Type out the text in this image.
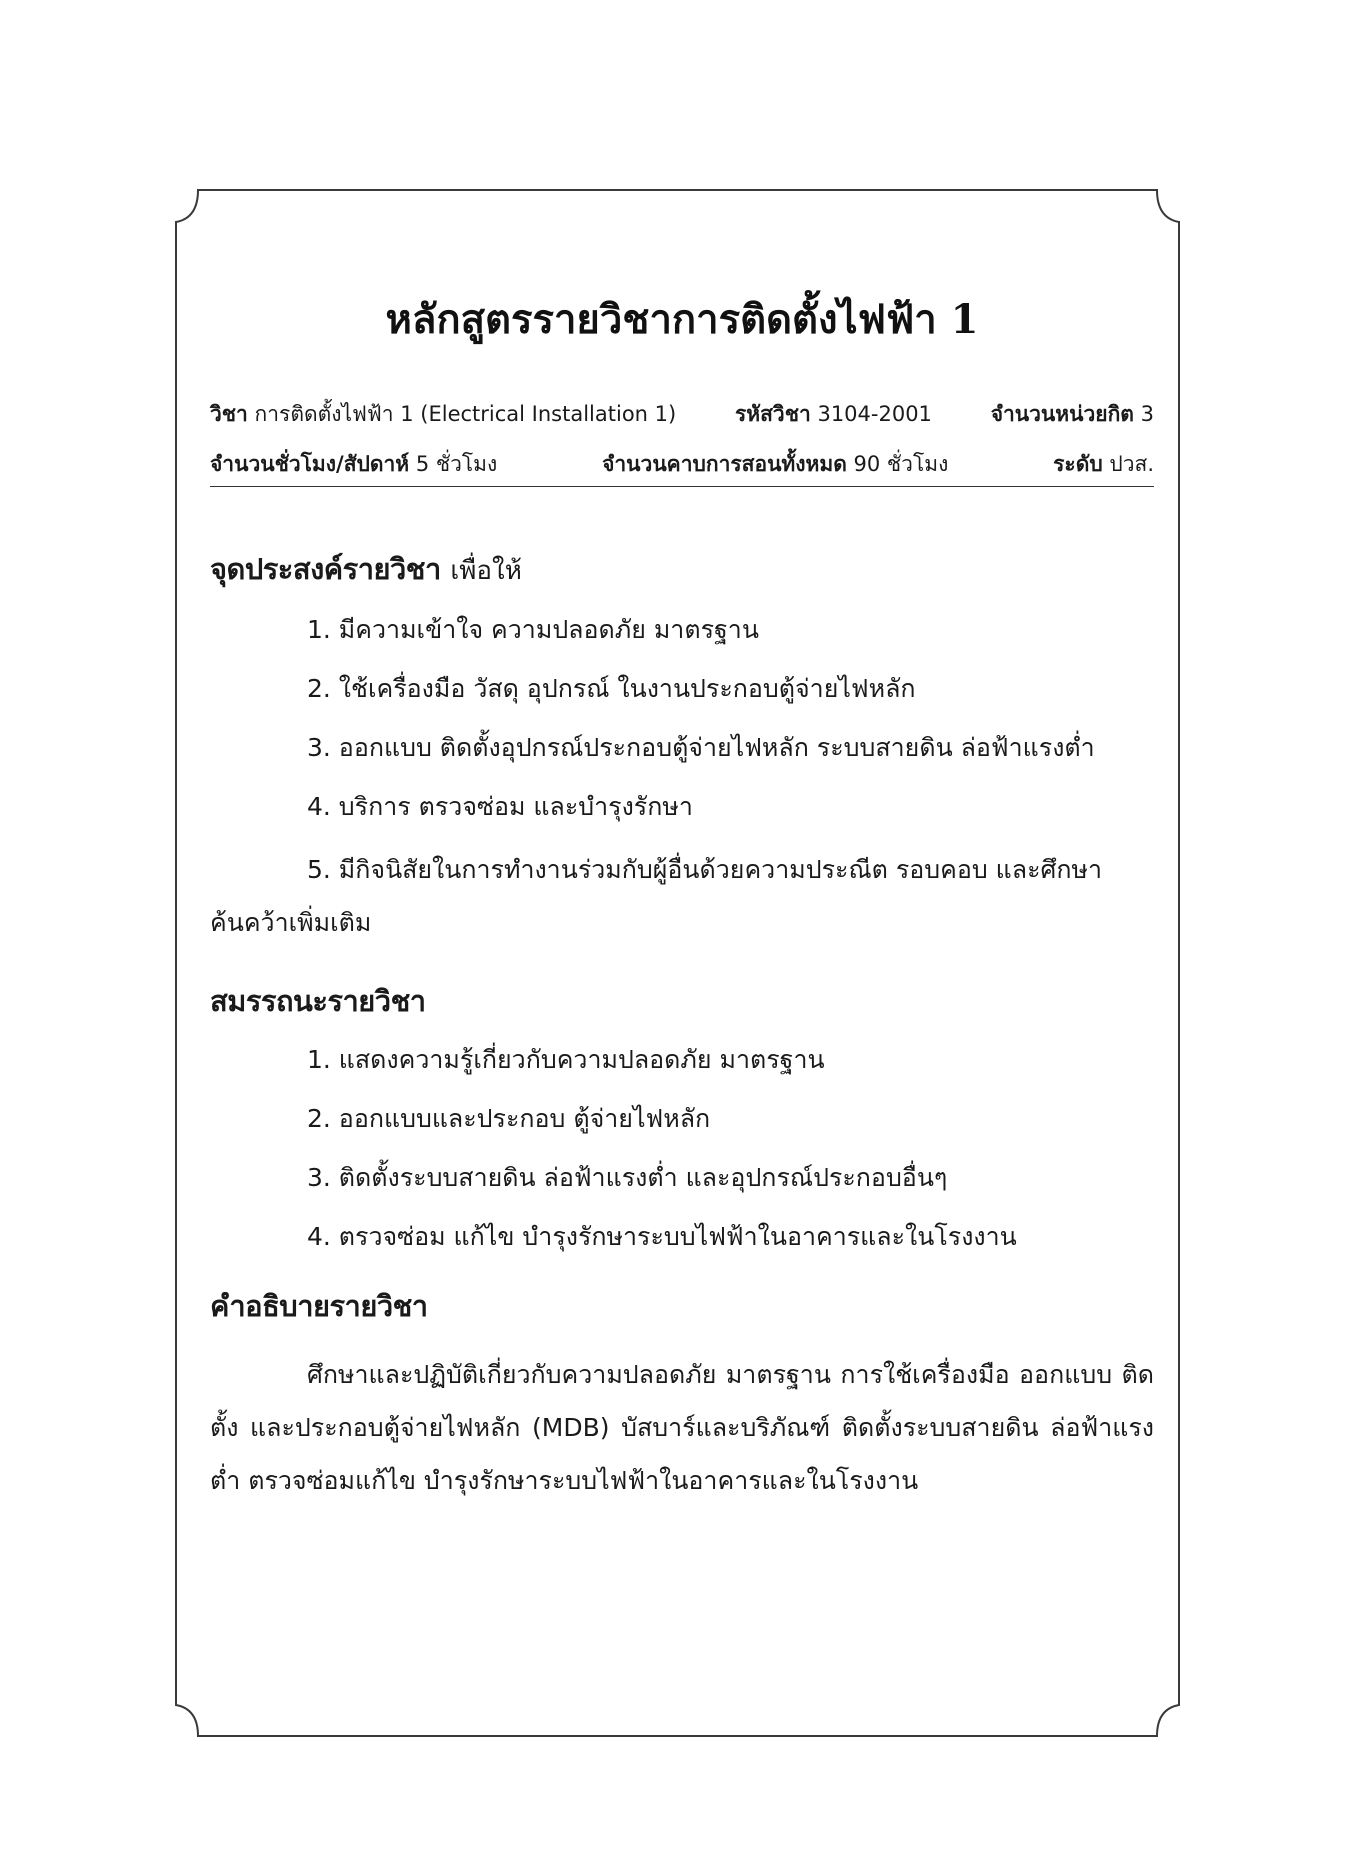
หลักสูตรรายวิชาการติดตั้งไฟฟ้า 1
วิชา การติดตั้งไฟฟ้า 1 (Electrical Installation 1)	รหัสวิชา 3104-2001	จำนวนหน่วยกิต 3
จำนวนชั่วโมง/สัปดาห์ 5 ชั่วโมง	จำนวนคาบการสอนทั้งหมด 90 ชั่วโมง	ระดับ ปวส.
จุดประสงค์รายวิชา เพื่อให้
1. มีความเข้าใจ ความปลอดภัย มาตรฐาน
2. ใช้เครื่องมือ วัสดุ อุปกรณ์ ในงานประกอบตู้จ่ายไฟหลัก
3. ออกแบบ ติดตั้งอุปกรณ์ประกอบตู้จ่ายไฟหลัก ระบบสายดิน ล่อฟ้าแรงต่ำ
4. บริการ ตรวจซ่อม และบำรุงรักษา
5. มีกิจนิสัยในการทำงานร่วมกับผู้อื่นด้วยความประณีต รอบคอบ และศึกษาค้นคว้าเพิ่มเติม
สมรรถนะรายวิชา
1. แสดงความรู้เกี่ยวกับความปลอดภัย มาตรฐาน
2. ออกแบบและประกอบ ตู้จ่ายไฟหลัก
3. ติดตั้งระบบสายดิน ล่อฟ้าแรงต่ำ และอุปกรณ์ประกอบอื่นๆ
4. ตรวจซ่อม แก้ไข บำรุงรักษาระบบไฟฟ้าในอาคารและในโรงงาน
คำอธิบายรายวิชา

ศึกษาและปฏิบัติเกี่ยวกับความปลอดภัย มาตรฐาน การใช้เครื่องมือ ออกแบบ ติดตั้ง และประกอบตู้จ่ายไฟหลัก (MDB) บัสบาร์และบริภัณฑ์ ติดตั้งระบบสายดิน ล่อฟ้าแรงต่ำ ตรวจซ่อมแก้ไข บำรุงรักษาระบบไฟฟ้าในอาคารและในโรงงาน
